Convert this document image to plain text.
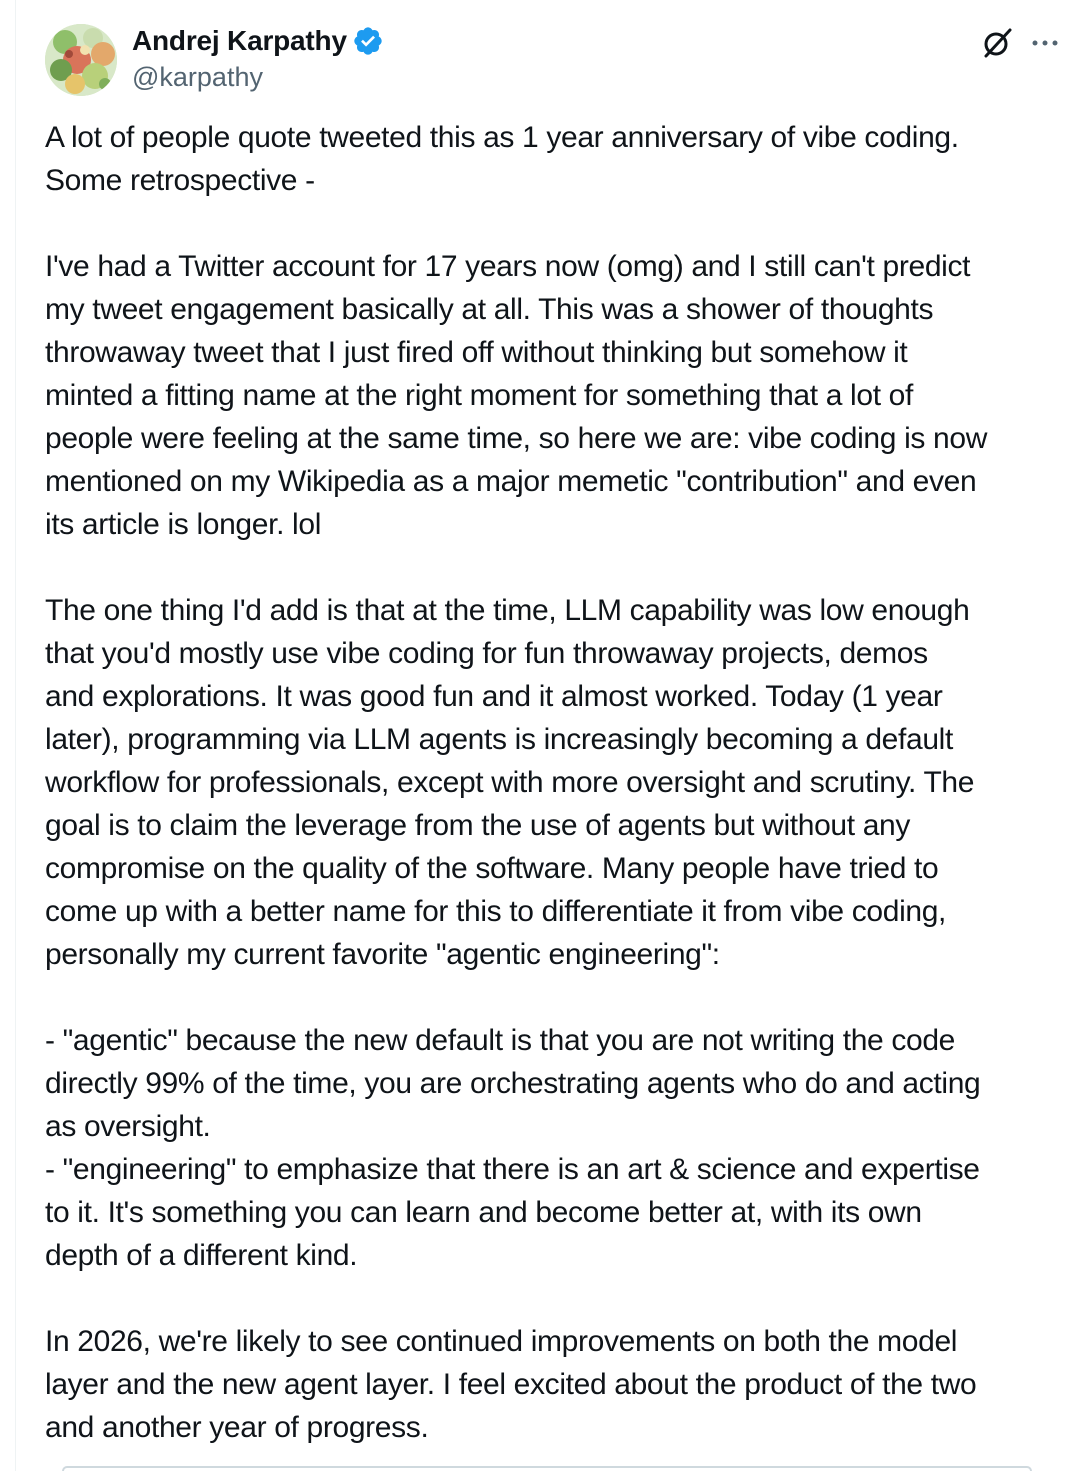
Andrej Karpathy
@karpathy

A lot of people quote tweeted this as 1 year anniversary of vibe coding.
Some retrospective -

I've had a Twitter account for 17 years now (omg) and I still can't predict
my tweet engagement basically at all. This was a shower of thoughts
throwaway tweet that I just fired off without thinking but somehow it
minted a fitting name at the right moment for something that a lot of
people were feeling at the same time, so here we are: vibe coding is now
mentioned on my Wikipedia as a major memetic "contribution" and even
its article is longer. lol

The one thing I'd add is that at the time, LLM capability was low enough
that you'd mostly use vibe coding for fun throwaway projects, demos
and explorations. It was good fun and it almost worked. Today (1 year
later), programming via LLM agents is increasingly becoming a default
workflow for professionals, except with more oversight and scrutiny. The
goal is to claim the leverage from the use of agents but without any
compromise on the quality of the software. Many people have tried to
come up with a better name for this to differentiate it from vibe coding,
personally my current favorite "agentic engineering":

- "agentic" because the new default is that you are not writing the code
directly 99% of the time, you are orchestrating agents who do and acting
as oversight.
- "engineering" to emphasize that there is an art & science and expertise
to it. It's something you can learn and become better at, with its own
depth of a different kind.

In 2026, we're likely to see continued improvements on both the model
layer and the new agent layer. I feel excited about the product of the two
and another year of progress.
